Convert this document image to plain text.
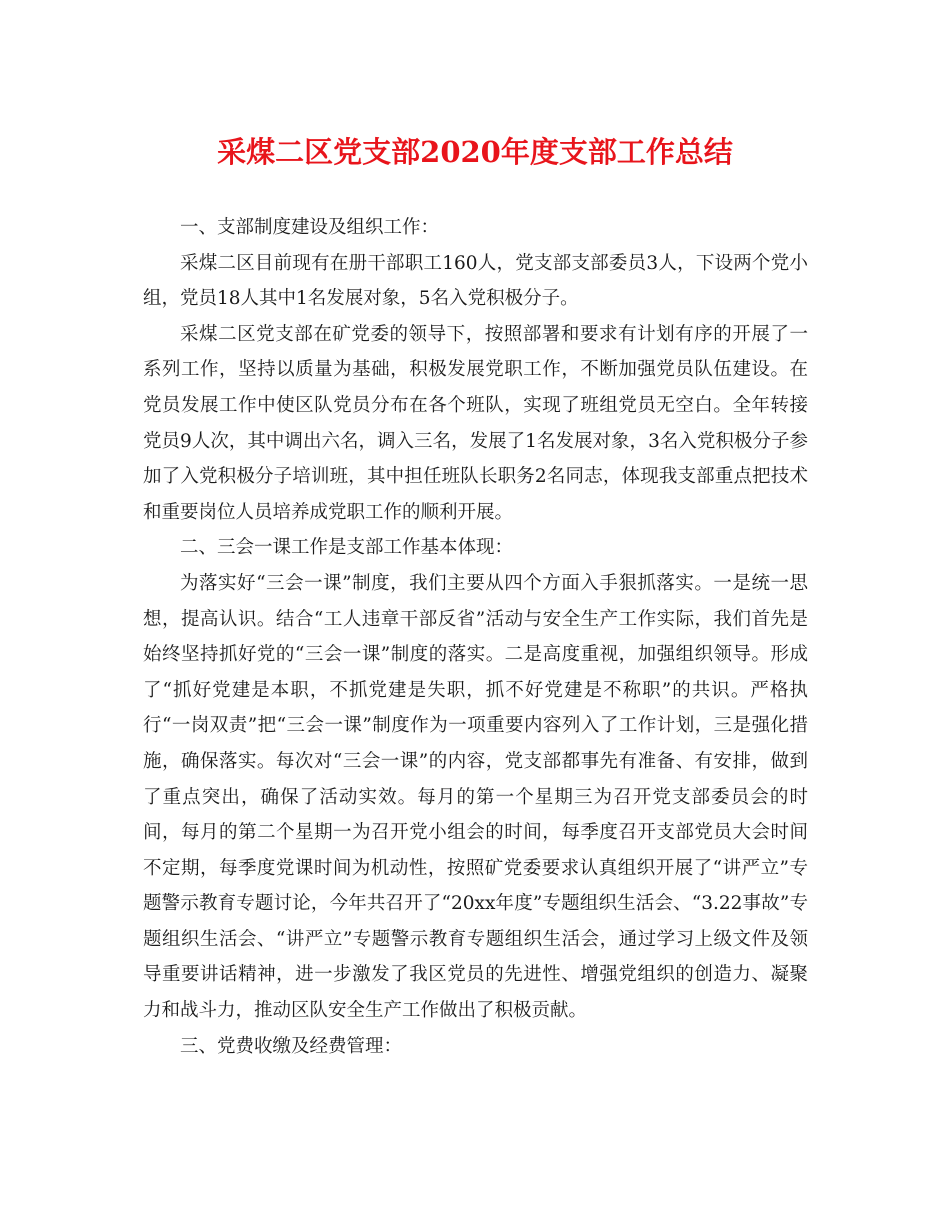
采煤二区党支部2020年度支部工作总结

一、支部制度建设及组织工作：

采煤二区目前现有在册干部职工160人，党支部支部委员3人，下设两个党小组，党员18人其中1名发展对象，5名入党积极分子。

采煤二区党支部在矿党委的领导下，按照部署和要求有计划有序的开展了一系列工作，坚持以质量为基础，积极发展党职工作，不断加强党员队伍建设。在党员发展工作中使区队党员分布在各个班队，实现了班组党员无空白。全年转接党员9人次，其中调出六名，调入三名，发展了1名发展对象，3名入党积极分子参加了入党积极分子培训班，其中担任班队长职务2名同志，体现我支部重点把技术和重要岗位人员培养成党职工作的顺利开展。

二、三会一课工作是支部工作基本体现：

为落实好“三会一课”制度，我们主要从四个方面入手狠抓落实。一是统一思想，提高认识。结合“工人违章干部反省”活动与安全生产工作实际，我们首先是始终坚持抓好党的“三会一课”制度的落实。二是高度重视，加强组织领导。形成了“抓好党建是本职，不抓党建是失职，抓不好党建是不称职”的共识。严格执行“一岗双责”把“三会一课”制度作为一项重要内容列入了工作计划，三是强化措施，确保落实。每次对“三会一课”的内容，党支部都事先有准备、有安排，做到了重点突出，确保了活动实效。每月的第一个星期三为召开党支部委员会的时间，每月的第二个星期一为召开党小组会的时间，每季度召开支部党员大会时间不定期，每季度党课时间为机动性，按照矿党委要求认真组织开展了“讲严立”专题警示教育专题讨论，今年共召开了“20xx年度”专题组织生活会、“3.22事故”专题组织生活会、“讲严立”专题警示教育专题组织生活会，通过学习上级文件及领导重要讲话精神，进一步激发了我区党员的先进性、增强党组织的创造力、凝聚力和战斗力，推动区队安全生产工作做出了积极贡献。

三、党费收缴及经费管理：
